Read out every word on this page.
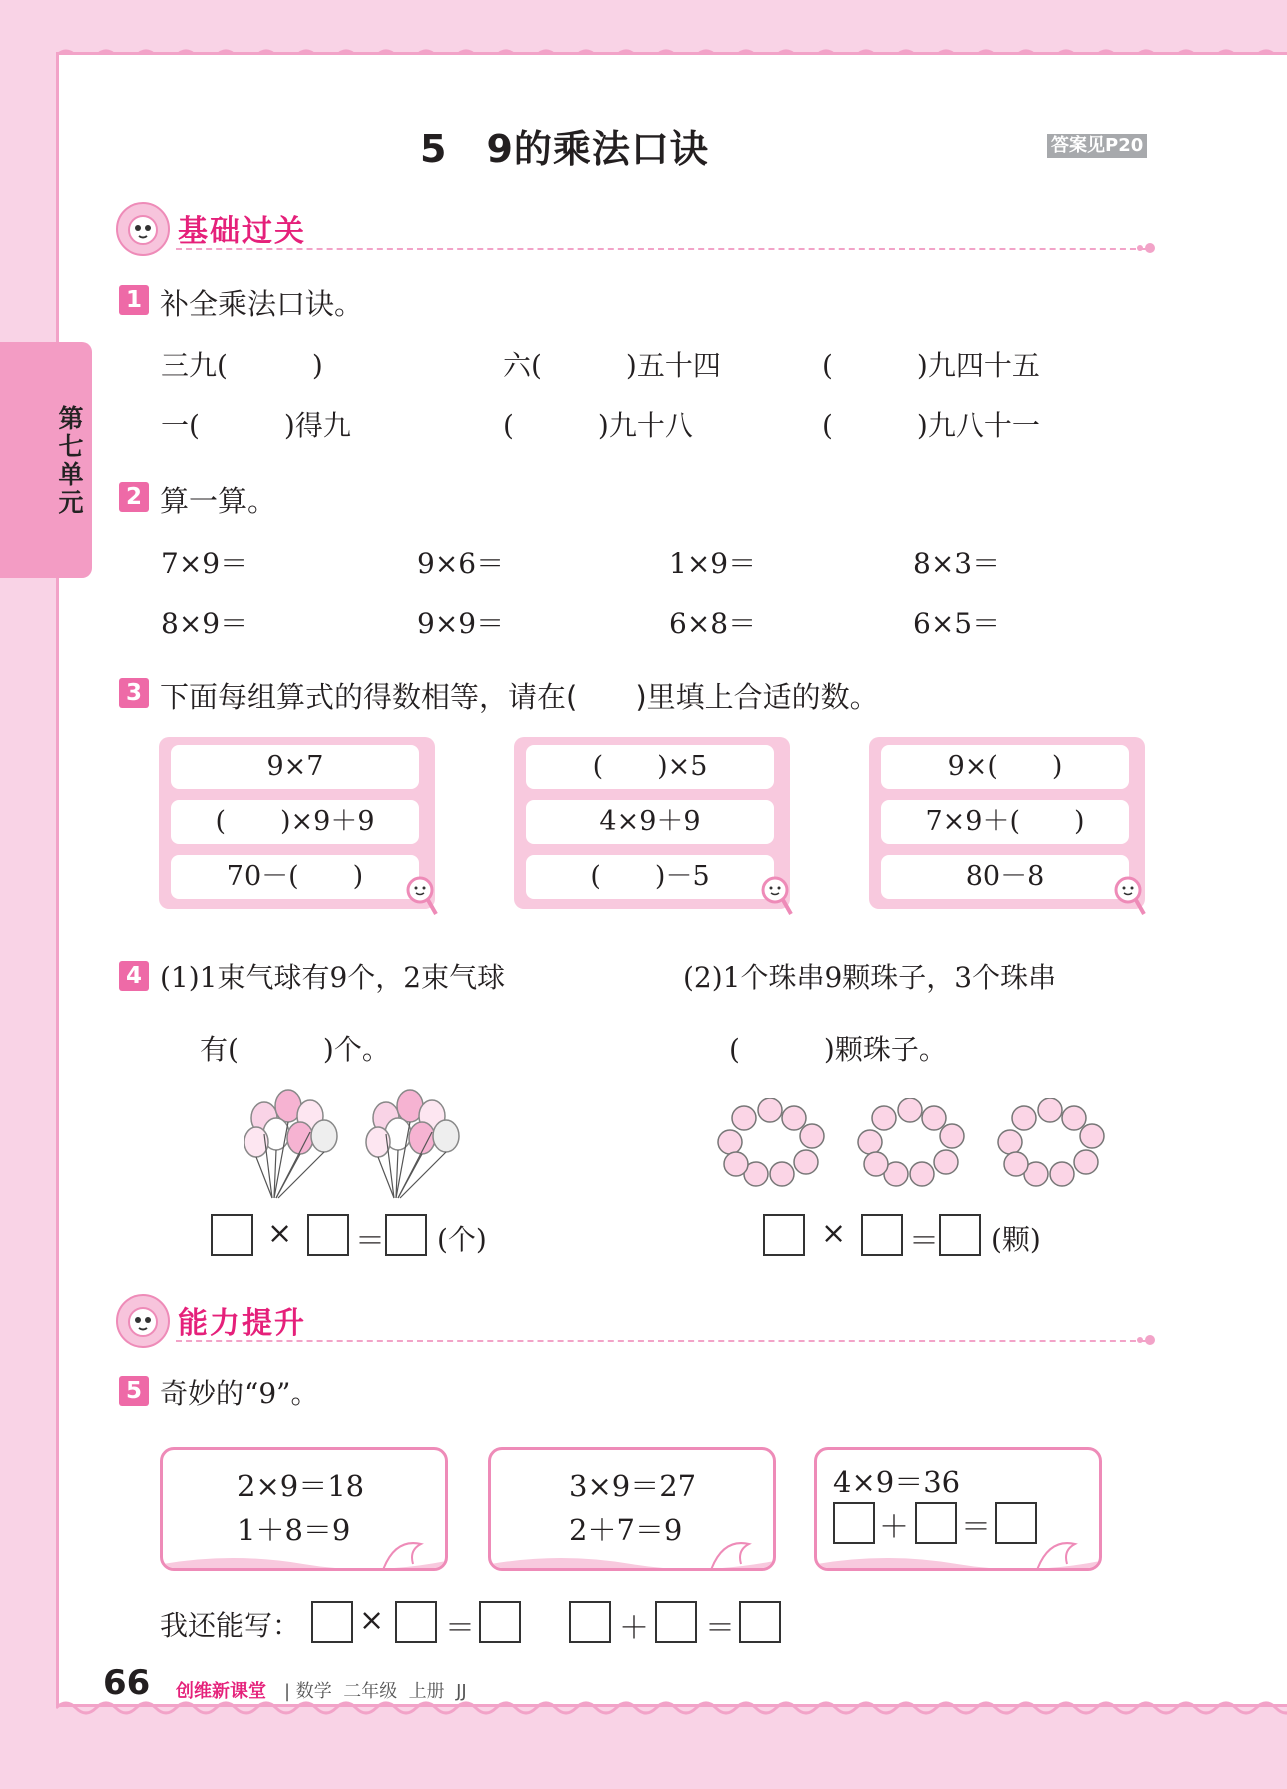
第七单元
5　9的乘法口诀	答案见P20
基础过关
1 补全乘法口诀。
三九(　　　)	六(　　　)五十四	(　　　)九四十五
一(　　　)得九	(　　　)九十八	(　　　)九八十一
2 算一算。
7×9＝	9×6＝	1×9＝	8×3＝
8×9＝	9×9＝	6×8＝	6×5＝
3 下面每组算式的得数相等，请在(　　)里填上合适的数。
9×7
(　　)×9＋9
70－(　　)
(　　)×5
4×9＋9
(　　)－5
9×(　　)
7×9＋(　　)
80－8
4 (1)1束气球有9个，2束气球
有(　　　)个。
(2)1个珠串9颗珠子，3个珠串
(　　　)颗珠子。
× ＝ (个)	× ＝ (颗)
能力提升
5 奇妙的“9”。
2×9＝18
1＋8＝9
3×9＝27
2＋7＝9
4×9＝36
＋ ＝
我还能写： × ＝	＋ ＝
66 创维新课堂 | 数学  二年级  上册  JJ
